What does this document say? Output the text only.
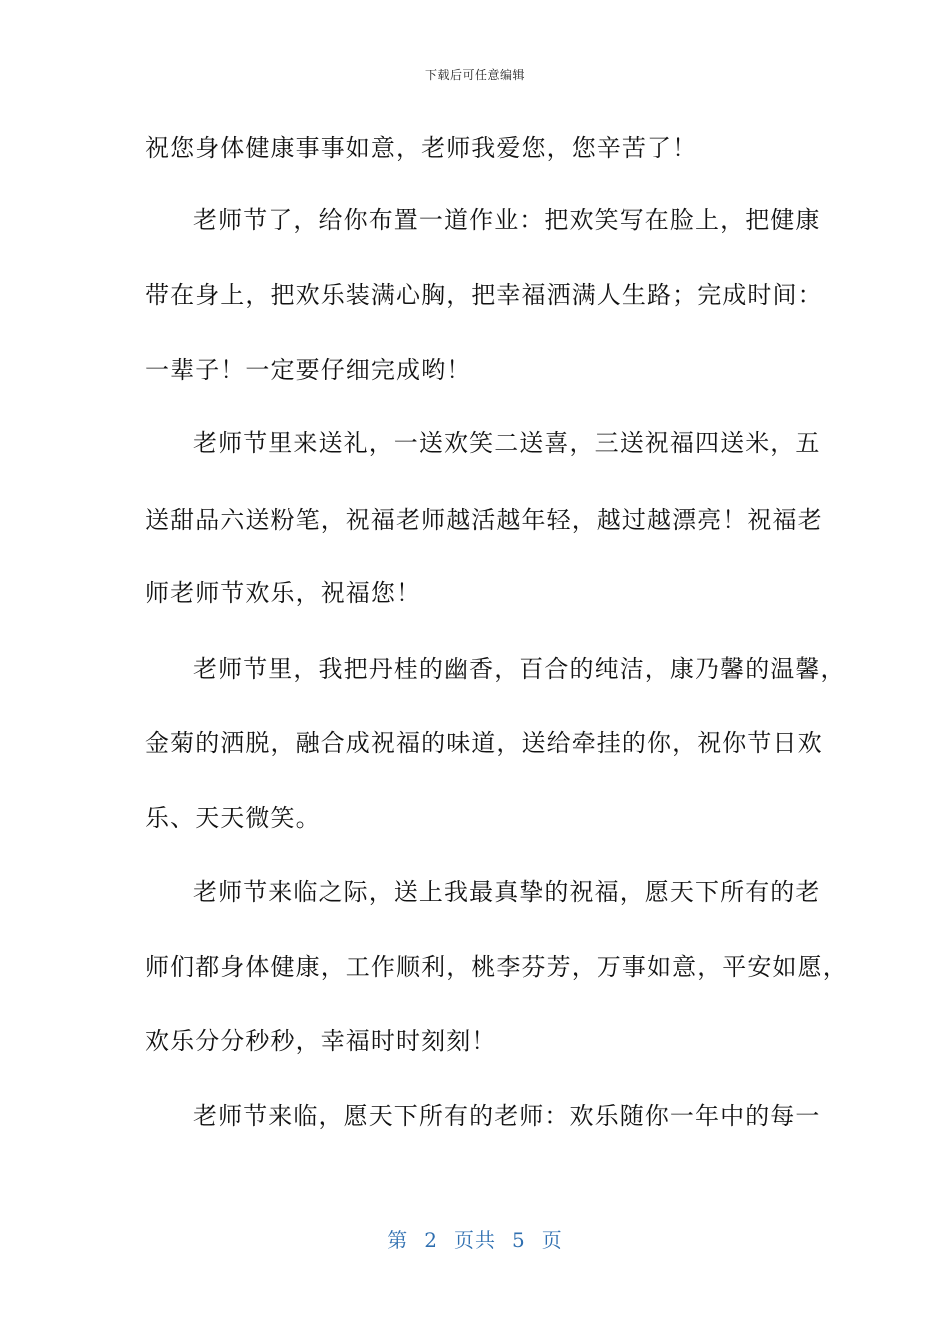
下载后可任意编辑
祝您身体健康事事如意，老师我爱您，您辛苦了！
老师节了，给你布置一道作业：把欢笑写在脸上，把健康
带在身上，把欢乐装满心胸，把幸福洒满人生路；完成时间：
一辈子！一定要仔细完成哟！
老师节里来送礼，一送欢笑二送喜，三送祝福四送米，五
送甜品六送粉笔，祝福老师越活越年轻，越过越漂亮！祝福老
师老师节欢乐，祝福您！
老师节里，我把丹桂的幽香，百合的纯洁，康乃馨的温馨，
金菊的洒脱，融合成祝福的味道，送给牵挂的你，祝你节日欢
乐、天天微笑。
老师节来临之际，送上我最真挚的祝福，愿天下所有的老
师们都身体健康，工作顺利，桃李芬芳，万事如意，平安如愿，
欢乐分分秒秒，幸福时时刻刻！
老师节来临，愿天下所有的老师：欢乐随你一年中的每一
第 2 页共 5 页
